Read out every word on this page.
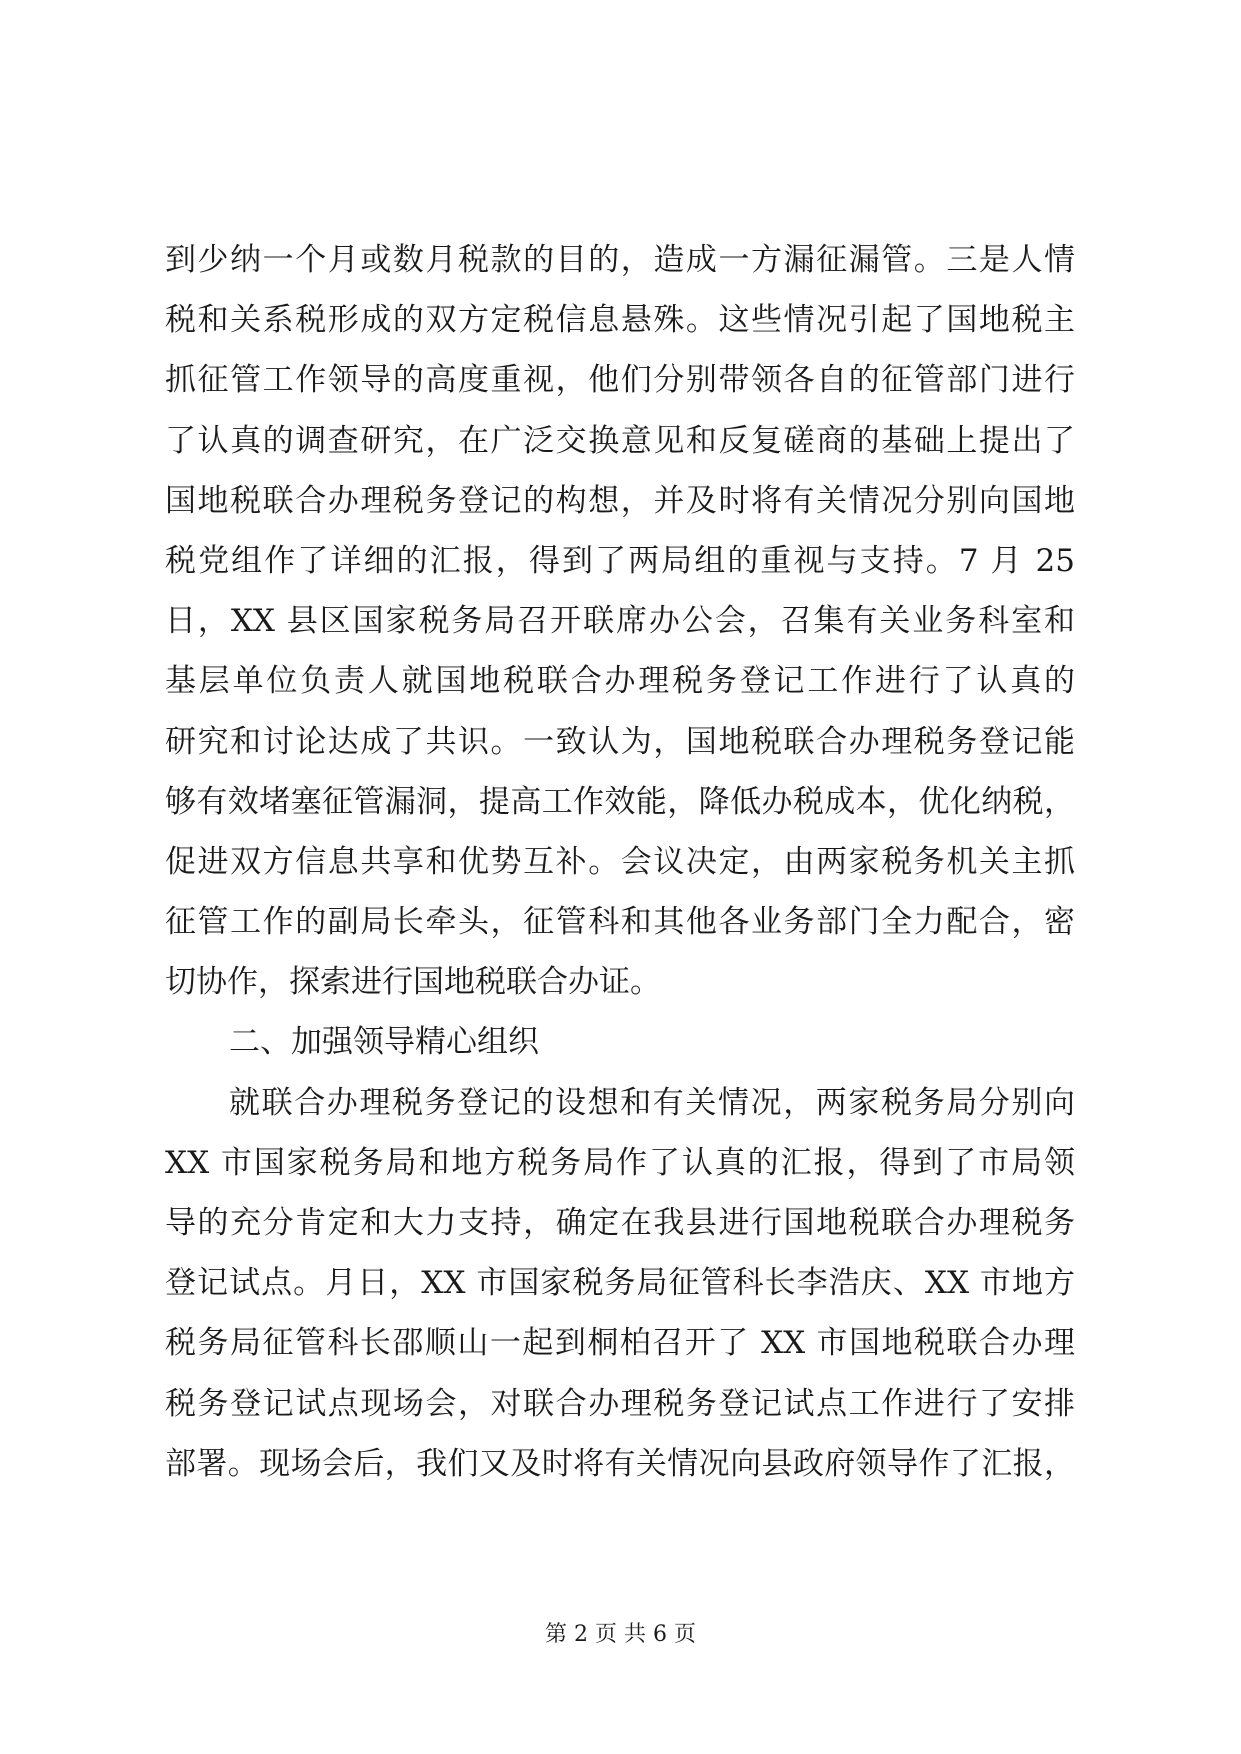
到少纳一个月或数月税款的目的，造成一方漏征漏管。三是人情
税和关系税形成的双方定税信息悬殊。这些情况引起了国地税主
抓征管工作领导的高度重视，他们分别带领各自的征管部门进行
了认真的调查研究，在广泛交换意见和反复磋商的基础上提出了
国地税联合办理税务登记的构想，并及时将有关情况分别向国地
税党组作了详细的汇报，得到了两局组的重视与支持。7 月 25
日，XX 县区国家税务局召开联席办公会，召集有关业务科室和
基层单位负责人就国地税联合办理税务登记工作进行了认真的
研究和讨论达成了共识。一致认为，国地税联合办理税务登记能
够有效堵塞征管漏洞，提高工作效能，降低办税成本，优化纳税，
促进双方信息共享和优势互补。会议决定，由两家税务机关主抓
征管工作的副局长牵头，征管科和其他各业务部门全力配合，密
切协作，探索进行国地税联合办证。
二、加强领导精心组织
就联合办理税务登记的设想和有关情况，两家税务局分别向
XX 市国家税务局和地方税务局作了认真的汇报，得到了市局领
导的充分肯定和大力支持，确定在我县进行国地税联合办理税务
登记试点。月日，XX 市国家税务局征管科长李浩庆、XX 市地方
税务局征管科长邵顺山一起到桐柏召开了 XX 市国地税联合办理
税务登记试点现场会，对联合办理税务登记试点工作进行了安排
部署。现场会后，我们又及时将有关情况向县政府领导作了汇报，
第 2 页 共 6 页
